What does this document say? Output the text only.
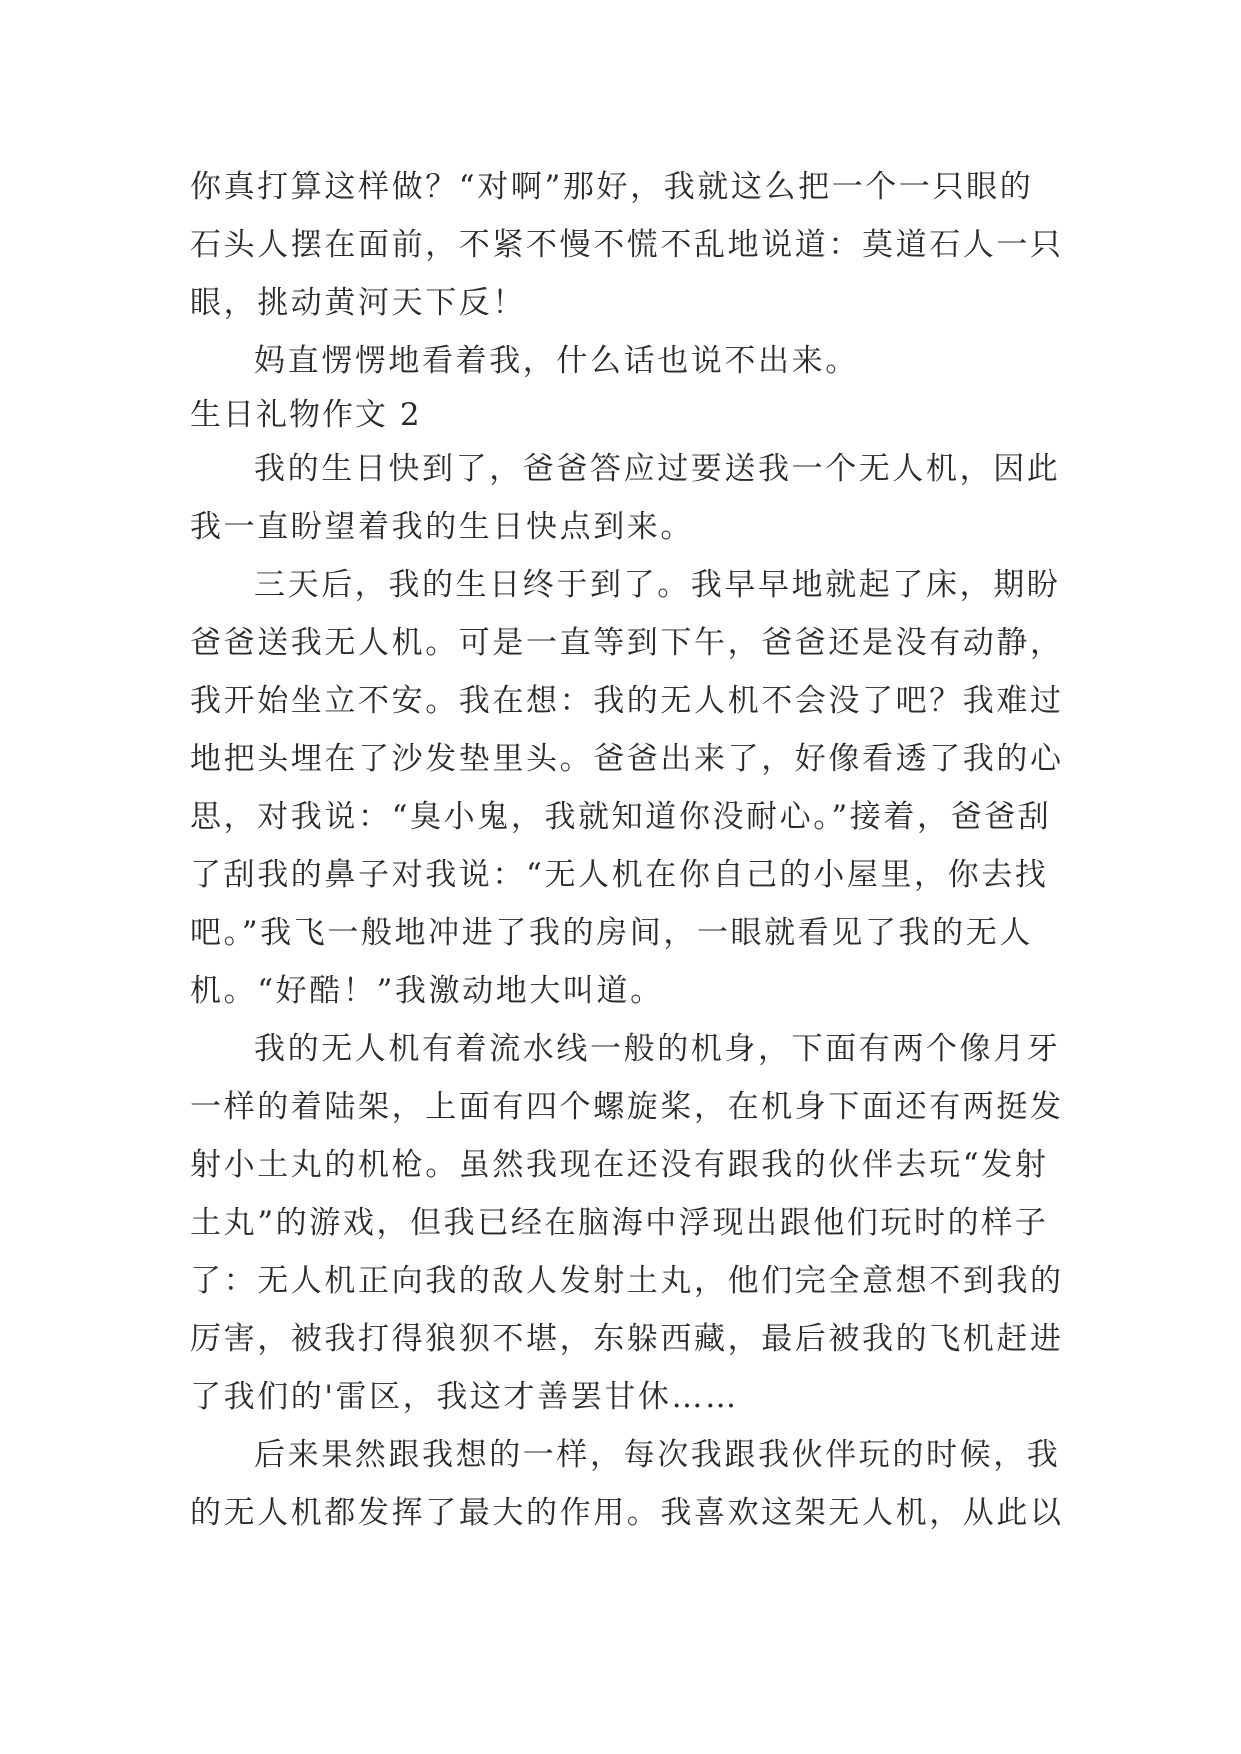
你真打算这样做？“对啊”那好，我就这么把一个一只眼的
石头人摆在面前，不紧不慢不慌不乱地说道：莫道石人一只
眼，挑动黄河天下反！
妈直愣愣地看着我，什么话也说不出来。
生日礼物作文 2
我的生日快到了，爸爸答应过要送我一个无人机，因此
我一直盼望着我的生日快点到来。
三天后，我的生日终于到了。我早早地就起了床，期盼
爸爸送我无人机。可是一直等到下午，爸爸还是没有动静，
我开始坐立不安。我在想：我的无人机不会没了吧？我难过
地把头埋在了沙发垫里头。爸爸出来了，好像看透了我的心
思，对我说：“臭小鬼，我就知道你没耐心。”接着，爸爸刮
了刮我的鼻子对我说：“无人机在你自己的小屋里，你去找
吧。”我飞一般地冲进了我的房间，一眼就看见了我的无人
机。“好酷！”我激动地大叫道。
我的无人机有着流水线一般的机身，下面有两个像月牙
一样的着陆架，上面有四个螺旋桨，在机身下面还有两挺发
射小土丸的机枪。虽然我现在还没有跟我的伙伴去玩“发射
土丸”的游戏，但我已经在脑海中浮现出跟他们玩时的样子
了：无人机正向我的敌人发射土丸，他们完全意想不到我的
厉害，被我打得狼狈不堪，东躲西藏，最后被我的飞机赶进
了我们的'雷区，我这才善罢甘休……
后来果然跟我想的一样，每次我跟我伙伴玩的时候，我
的无人机都发挥了最大的作用。我喜欢这架无人机，从此以
